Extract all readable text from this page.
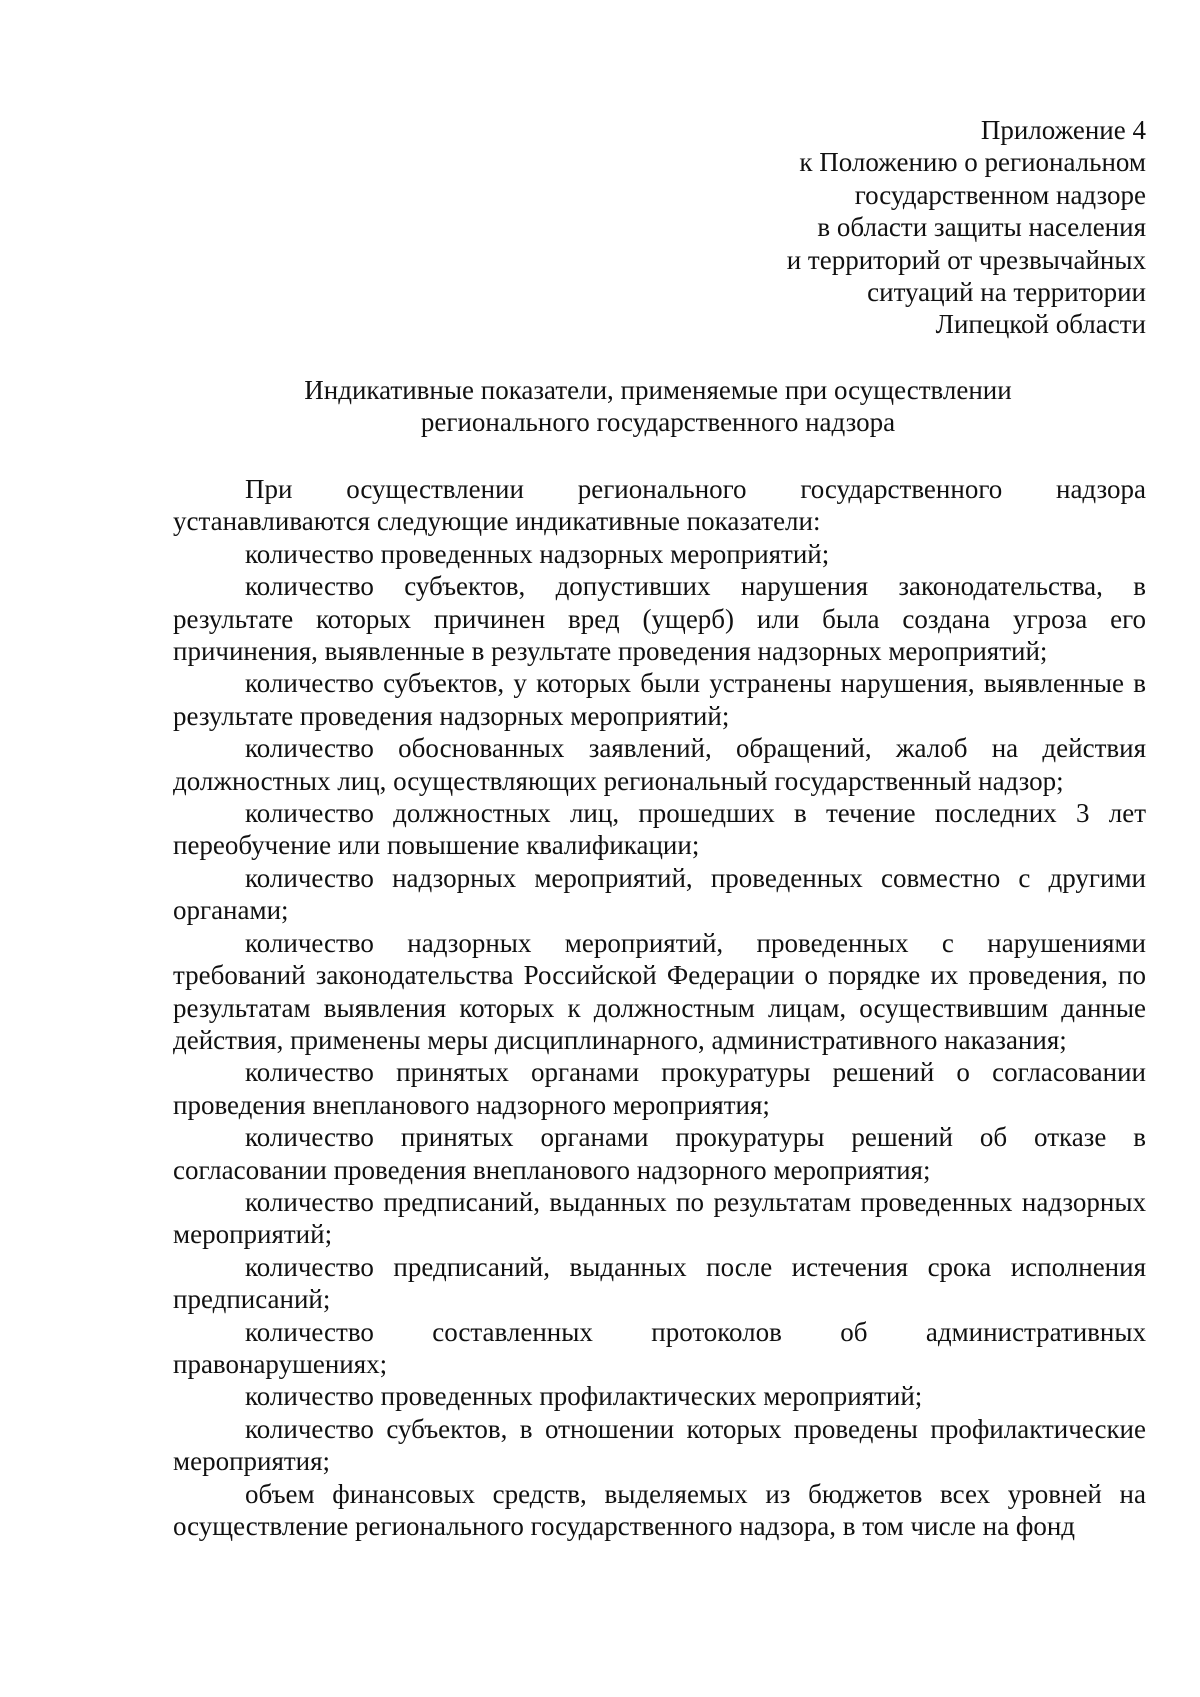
Приложение 4
к Положению о региональном
государственном надзоре
в области защиты населения
и территорий от чрезвычайных
ситуаций на территории
Липецкой области
Индикативные показатели, применяемые при осуществлении
регионального государственного надзора

При осуществлении регионального государственного надзора устанавливаются следующие индикативные показатели:

количество проведенных надзорных мероприятий;

количество субъектов, допустивших нарушения законодательства, в результате которых причинен вред (ущерб) или была создана угроза его причинения, выявленные в результате проведения надзорных мероприятий;

количество субъектов, у которых были устранены нарушения, выявленные в результате проведения надзорных мероприятий;

количество обоснованных заявлений, обращений, жалоб на действия должностных лиц, осуществляющих региональный государственный надзор;

количество должностных лиц, прошедших в течение последних 3 лет переобучение или повышение квалификации;

количество надзорных мероприятий, проведенных совместно с другими органами;

количество надзорных мероприятий, проведенных с нарушениями требований законодательства Российской Федерации о порядке их проведения, по результатам выявления которых к должностным лицам, осуществившим данные действия, применены меры дисциплинарного, административного наказания;

количество принятых органами прокуратуры решений о согласовании проведения внепланового надзорного мероприятия;

количество принятых органами прокуратуры решений об отказе в согласовании проведения внепланового надзорного мероприятия;

количество предписаний, выданных по результатам проведенных надзорных мероприятий;

количество предписаний, выданных после истечения срока исполнения предписаний;

количество составленных протоколов об административных правонарушениях;

количество проведенных профилактических мероприятий;

количество субъектов, в отношении которых проведены профилактические мероприятия;

объем финансовых средств, выделяемых из бюджетов всех уровней на осуществление регионального государственного надзора, в том числе на фонд
